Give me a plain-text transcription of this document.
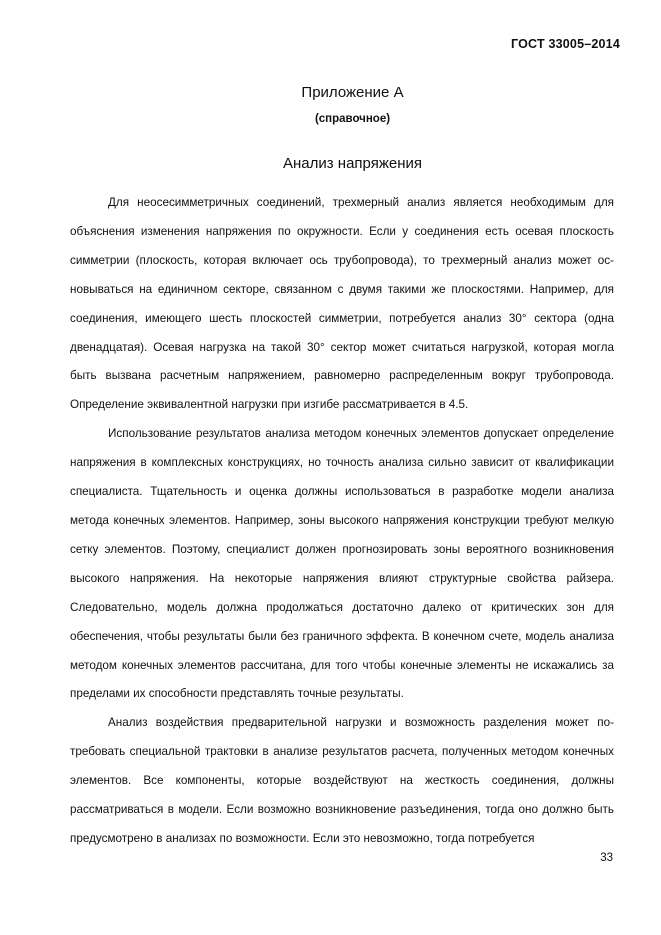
ГОСТ 33005–2014
Приложение А
(справочное)
Анализ напряжения

Для неосесимметричных соединений, трехмерный анализ является необходимым для объяснения изменения напряжения по окружности. Если у соединения есть осевая плоскость симметрии (плоскость, которая включает ось трубопровода), то трехмерный анализ может основываться на единичном секторе, связанном с двумя такими же плоскостями. Например, для соединения, имеющего шесть плоскостей симметрии, потребуется анализ 30° сектора (одна двенадцатая). Осевая нагрузка на такой 30° сектор может считаться нагрузкой, которая могла быть вызвана расчетным напряжением, равномерно распределенным вокруг трубопровода. Определение эквивалентной нагрузки при изгибе рассматривается в 4.5.

Использование результатов анализа методом конечных элементов допускает определение напряжения в комплексных конструкциях, но точность анализа сильно зависит от квалификации специалиста. Тщательность и оценка должны использоваться в разработке модели анализа метода конечных элементов. Например, зоны высокого напряжения конструкции требуют мелкую сетку элементов. Поэтому, специалист должен прогнозировать зоны вероятного возникновения высокого напряжения. На некоторые напряжения влияют структурные свойства райзера. Следовательно, модель должна продолжаться достаточно далеко от критических зон для обеспечения, чтобы результаты были без граничного эффекта. В конечном счете, модель анализа методом конечных элементов рассчитана, для того чтобы конечные элементы не искажались за пределами их способности представлять точные результаты.

Анализ воздействия предварительной нагрузки и возможность разделения может потребовать специальной трактовки в анализе результатов расчета, полученных методом конечных элементов. Все компоненты, которые воздействуют на жесткость соединения, должны рассматриваться в модели. Если возможно возникновение разъединения, тогда оно должно быть предусмотрено в анализах по возможности. Если это невозможно, тогда потребуется

33
